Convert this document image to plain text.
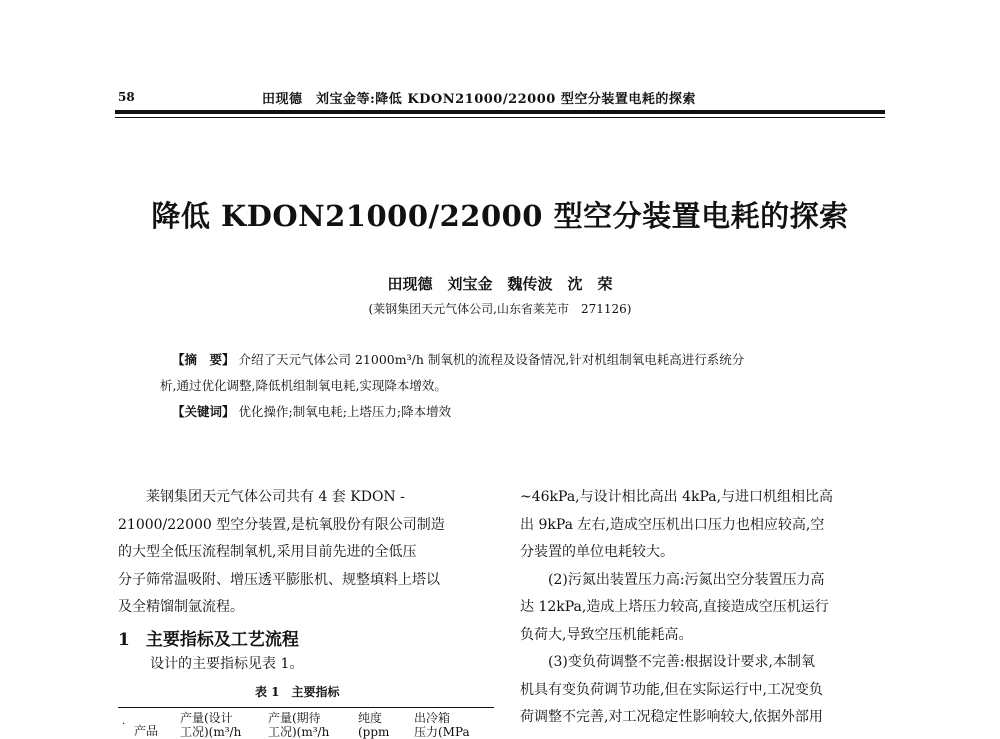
58	田现德　刘宝金等:降低 KDON21000/22000 型空分装置电耗的探索
降低 KDON21000/22000 型空分装置电耗的探索
田现德　刘宝金　魏传波　沈　荣
(莱钢集团天元气体公司,山东省莱芜市　271126)
【摘　要】 介绍了天元气体公司 21000m³/h 制氧机的流程及设备情况,针对机组制氧电耗高进行系统分
析,通过优化调整,降低机组制氧电耗,实现降本增效。
【关键词】 优化操作;制氧电耗;上塔压力;降本增效
　　莱钢集团天元气体公司共有 4 套 KDON -
21000/22000 型空分装置,是杭氧股份有限公司制造
的大型全低压流程制氧机,采用目前先进的全低压
分子筛常温吸附、增压透平膨胀机、规整填料上塔以
及全精馏制氩流程。
1 主要指标及工艺流程
设计的主要指标见表 1。
表 1　主要指标
· 产品
产量(设计
工况)(m³/h
产量(期待
工况)(m³/h
纯度
(ppm
出冷箱
压力(MPa
~46kPa,与设计相比高出 4kPa,与进口机组相比高
出 9kPa 左右,造成空压机出口压力也相应较高,空
分装置的单位电耗较大。
　　(2)污氮出装置压力高:污氮出空分装置压力高
达 12kPa,造成上塔压力较高,直接造成空压机运行
负荷大,导致空压机能耗高。
　　(3)变负荷调整不完善:根据设计要求,本制氧
机具有变负荷调节功能,但在实际运行中,工况变负
荷调整不完善,对工况稳定性影响较大,依据外部用
